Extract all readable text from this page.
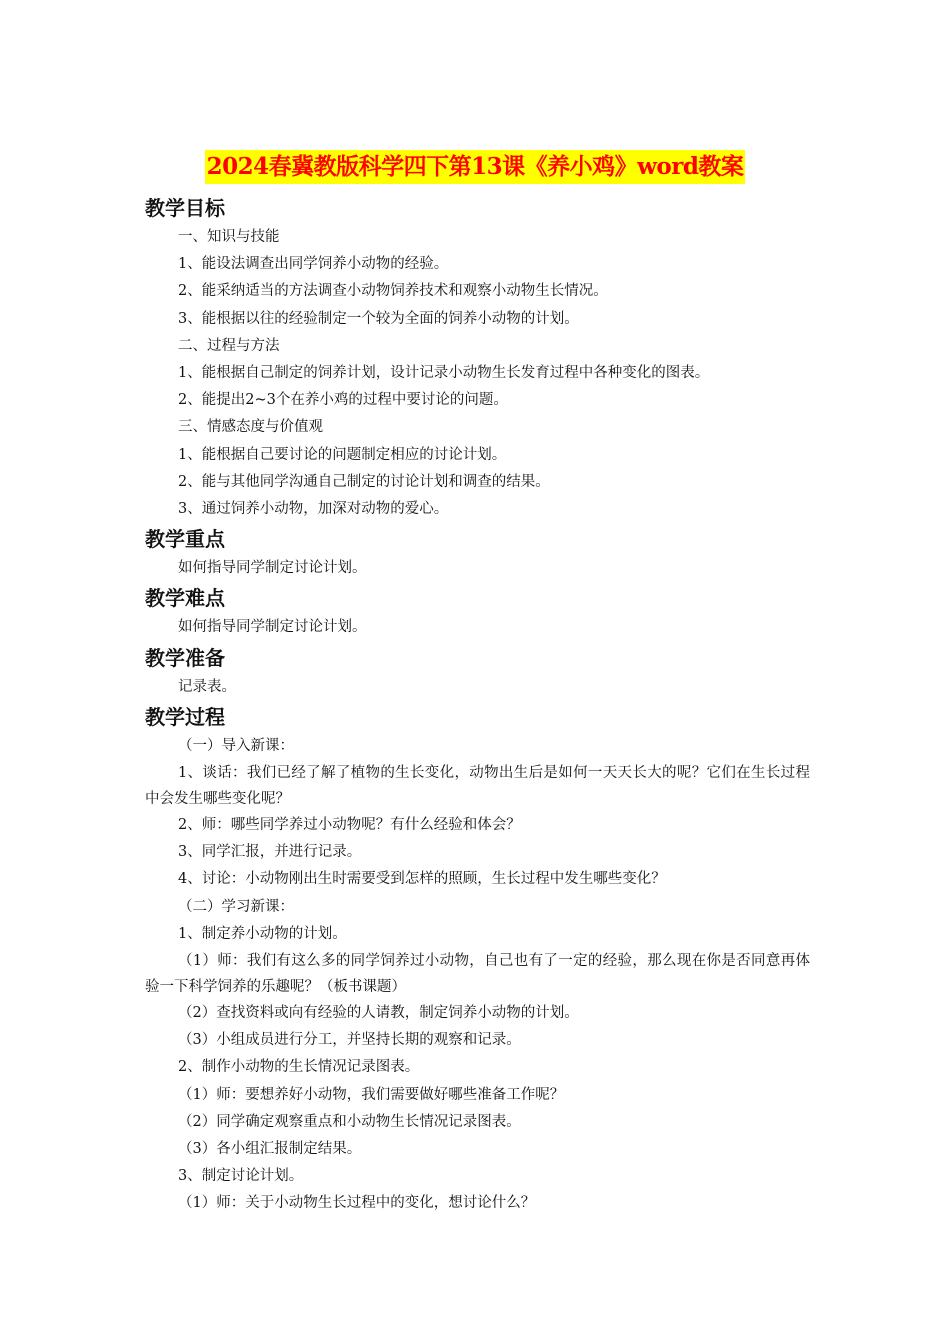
2024春冀教版科学四下第13课《养小鸡》word教案
教学目标

一、知识与技能

1、能设法调查出同学饲养小动物的经验。

2、能采纳适当的方法调查小动物饲养技术和观察小动物生长情况。

3、能根据以往的经验制定一个较为全面的饲养小动物的计划。

二、过程与方法

1、能根据自己制定的饲养计划，设计记录小动物生长发育过程中各种变化的图表。

2、能提出2~3个在养小鸡的过程中要讨论的问题。

三、情感态度与价值观

1、能根据自己要讨论的问题制定相应的讨论计划。

2、能与其他同学沟通自己制定的讨论计划和调查的结果。

3、通过饲养小动物，加深对动物的爱心。

教学重点

如何指导同学制定讨论计划。

教学难点

如何指导同学制定讨论计划。

教学准备

记录表。

教学过程

（一）导入新课：

1、谈话：我们已经了解了植物的生长变化，动物出生后是如何一天天长大的呢？它们在生长过程中会发生哪些变化呢？

2、师：哪些同学养过小动物呢？有什么经验和体会？

3、同学汇报，并进行记录。

4、讨论：小动物刚出生时需要受到怎样的照顾，生长过程中发生哪些变化？

（二）学习新课：

1、制定养小动物的计划。

（1）师：我们有这么多的同学饲养过小动物，自己也有了一定的经验，那么现在你是否同意再体验一下科学饲养的乐趣呢？（板书课题）

（2）查找资料或向有经验的人请教，制定饲养小动物的计划。

（3）小组成员进行分工，并坚持长期的观察和记录。

2、制作小动物的生长情况记录图表。

（1）师：要想养好小动物，我们需要做好哪些准备工作呢？

（2）同学确定观察重点和小动物生长情况记录图表。

（3）各小组汇报制定结果。

3、制定讨论计划。

（1）师：关于小动物生长过程中的变化，想讨论什么？
